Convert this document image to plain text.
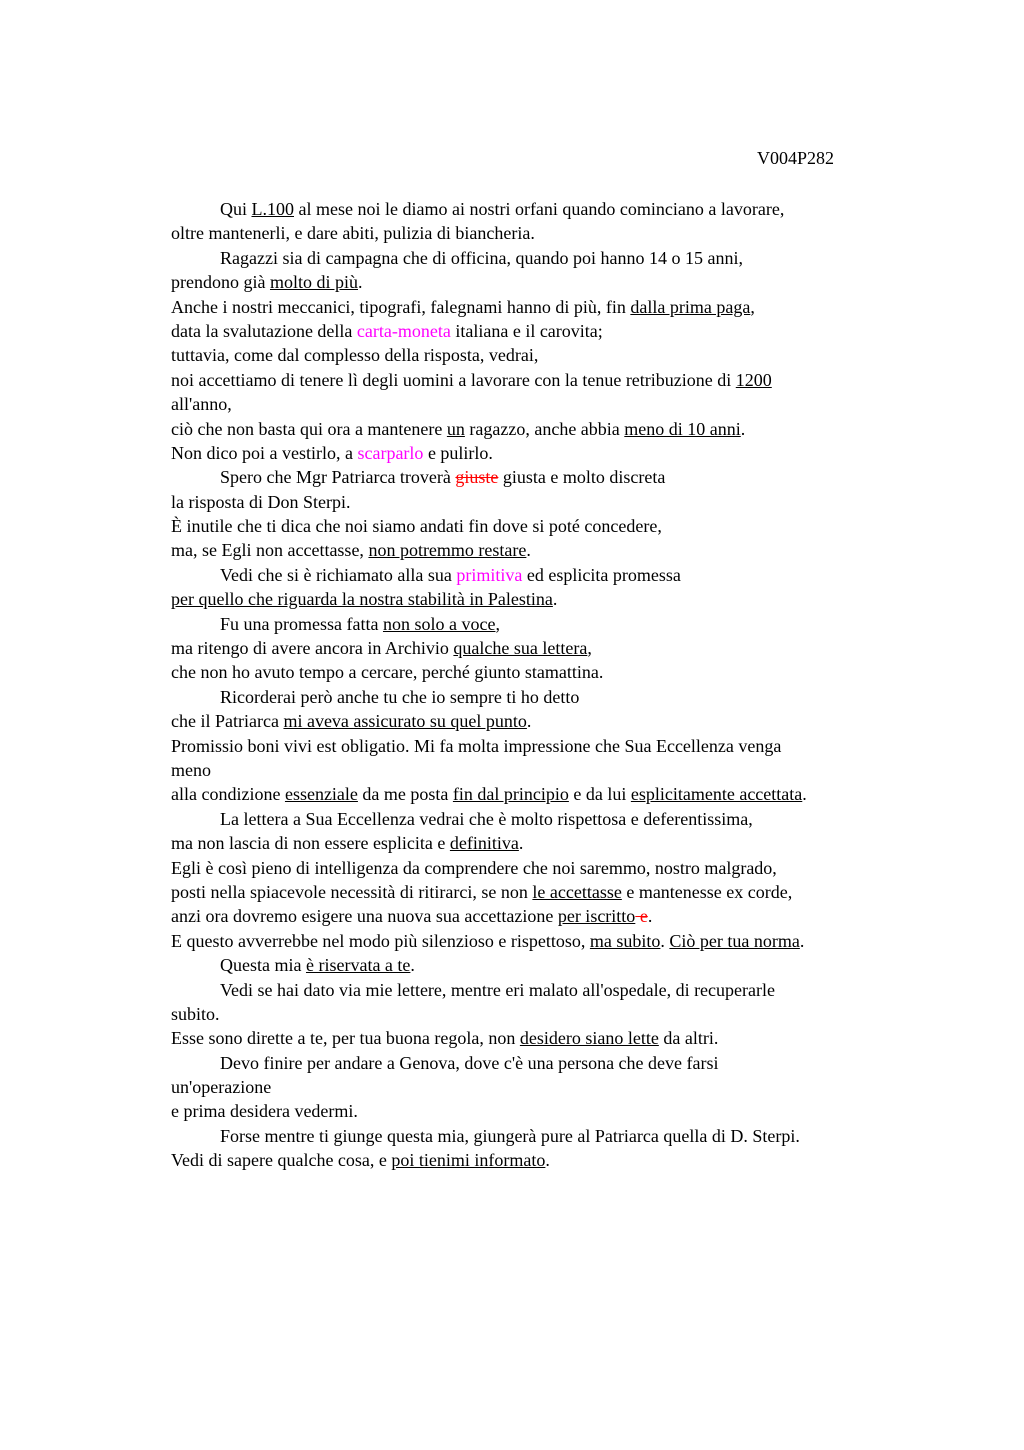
V004P282
Qui L.100 al mese noi le diamo ai nostri orfani quando cominciano a lavorare,
oltre mantenerli, e dare abiti, pulizia di biancheria.
Ragazzi sia di campagna che di officina, quando poi hanno 14 o 15 anni,
prendono già molto di più.
Anche i nostri meccanici, tipografi, falegnami hanno di più, fin dalla prima paga,
data la svalutazione della carta-moneta italiana e il carovita;
tuttavia, come dal complesso della risposta, vedrai,
noi accettiamo di tenere lì degli uomini a lavorare con la tenue retribuzione di 1200
all'anno,
ciò che non basta qui ora a mantenere un ragazzo, anche abbia meno di 10 anni.
Non dico poi a vestirlo, a scarparlo e pulirlo.
Spero che Mgr Patriarca troverà giuste giusta e molto discreta
la risposta di Don Sterpi.
È inutile che ti dica che noi siamo andati fin dove si poté concedere,
ma, se Egli non accettasse, non potremmo restare.
Vedi che si è richiamato alla sua primitiva ed esplicita promessa
per quello che riguarda la nostra stabilità in Palestina.
Fu una promessa fatta non solo a voce,
ma ritengo di avere ancora in Archivio qualche sua lettera,
che non ho avuto tempo a cercare, perché giunto stamattina.
Ricorderai però anche tu che io sempre ti ho detto
che il Patriarca mi aveva assicurato su quel punto.
Promissio boni vivi est obligatio. Mi fa molta impressione che Sua Eccellenza venga
meno
alla condizione essenziale da me posta fin dal principio e da lui esplicitamente accettata.
La lettera a Sua Eccellenza vedrai che è molto rispettosa e deferentissima,
ma non lascia di non essere esplicita e definitiva.
Egli è così pieno di intelligenza da comprendere che noi saremmo, nostro malgrado,
posti nella spiacevole necessità di ritirarci, se non le accettasse e mantenesse ex corde,
anzi ora dovremo esigere una nuova sua accettazione per iscritto e.
E questo avverrebbe nel modo più silenzioso e rispettoso, ma subito. Ciò per tua norma.
Questa mia è riservata a te.
Vedi se hai dato via mie lettere, mentre eri malato all'ospedale, di recuperarle
subito.
Esse sono dirette a te, per tua buona regola, non desidero siano lette da altri.
Devo finire per andare a Genova, dove c'è una persona che deve farsi
un'operazione
e prima desidera vedermi.
Forse mentre ti giunge questa mia, giungerà pure al Patriarca quella di D. Sterpi.
Vedi di sapere qualche cosa, e poi tienimi informato.
